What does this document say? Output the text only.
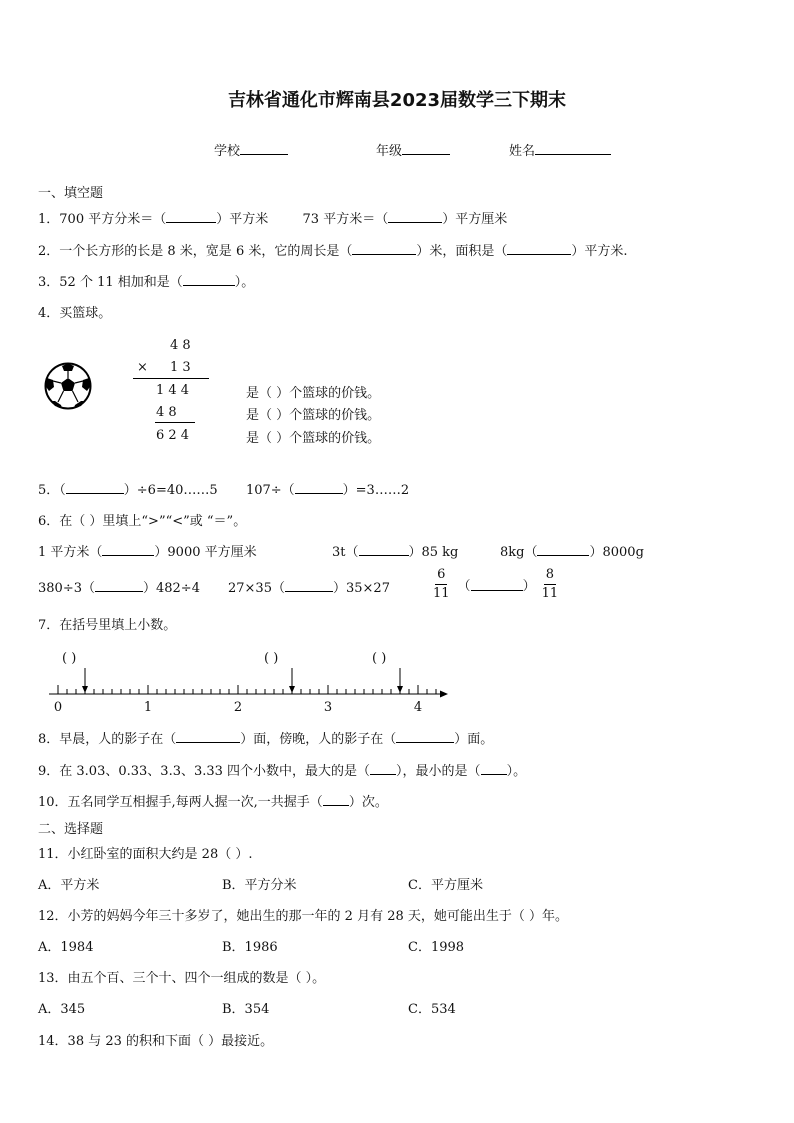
吉林省通化市辉南县2023届数学三下期末
学校	年级	姓名
一、填空题
1．700 平方分米＝（	）平方米	73 平方米＝（	）平方厘米
2．一个长方形的长是 8 米，宽是 6 米，它的周长是（	）米，面积是（	）平方米.
3．52 个 11 相加和是（	）。
4．买篮球。
4 8
× 1 3
1 4 4
4 8
6 2 4
是（ ）个篮球的价钱。
是（ ）个篮球的价钱。
是（ ）个篮球的价钱。
5．（	）÷6=40……5 107÷（	）=3……2
6．在（ ）里填上“>”“<”或 “＝”。
1 平方米（	）9000 平方厘米	3t（	）85 kg	8kg（	）8000g
380÷3（	）482÷4 27×35（	）35×27	$\frac{6}{11}$ （	） $\frac{8}{11}$
7．在括号里填上小数。
( )	( )	( )
0	1	2	3	4
8．早晨，人的影子在（	）面，傍晚，人的影子在（	）面。
9．在 3.03、0.33、3.3、3.33 四个小数中，最大的是（ ），最小的是（ ）。
10．五名同学互相握手,每两人握一次,一共握手（ ）次。
二、选择题
11．小红卧室的面积大约是 28（ ）.
A．平方米	B．平方分米	C．平方厘米
12．小芳的妈妈今年三十多岁了，她出生的那一年的 2 月有 28 天，她可能出生于（ ）年。
A．1984	B．1986	C．1998
13．由五个百、三个十、四个一组成的数是（ ）。
A．345	B．354	C．534
14．38 与 23 的积和下面（ ）最接近。
